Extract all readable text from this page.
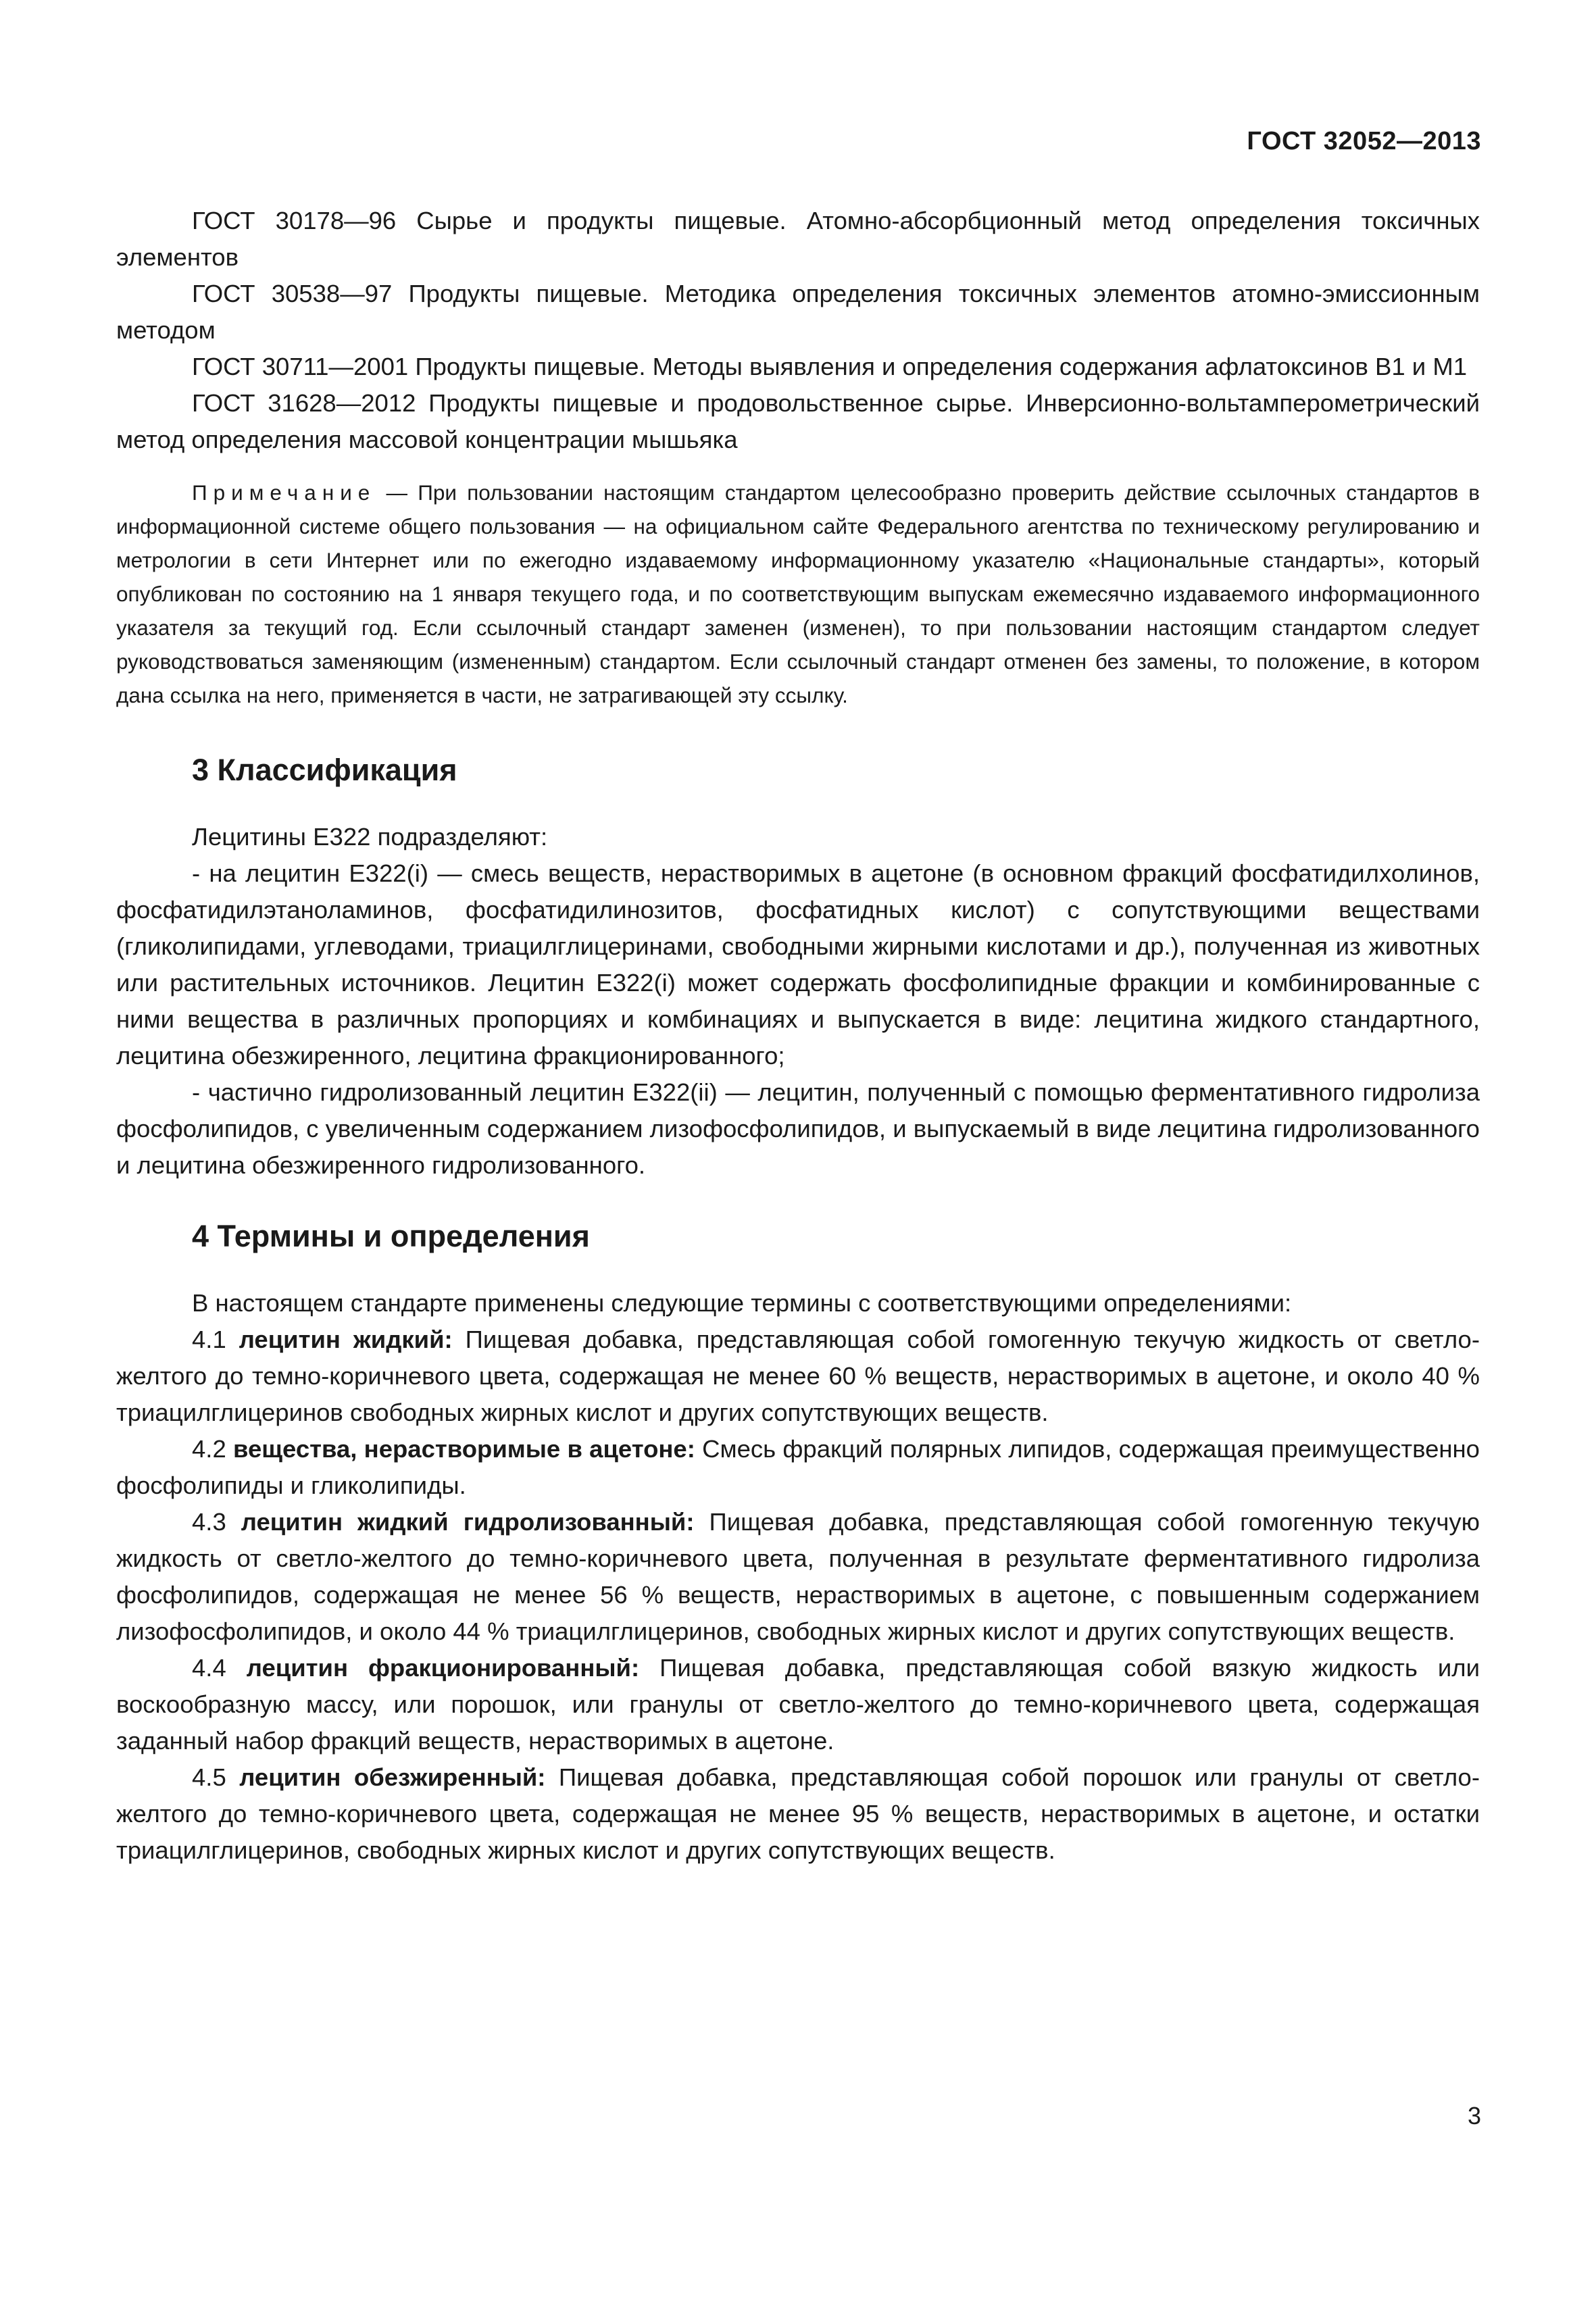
ГОСТ 32052—2013

ГОСТ 30178—96 Сырье и продукты пищевые. Атомно-абсорбционный метод определения токсичных элементов

ГОСТ 30538—97 Продукты пищевые. Методика определения токсичных элементов атомно-эмиссионным методом

ГОСТ 30711—2001 Продукты пищевые. Методы выявления и определения содержания афлатоксинов В1 и М1

ГОСТ 31628—2012 Продукты пищевые и продовольственное сырье. Инверсионно-вольтамперометрический метод определения массовой концентрации мышьяка

Примечание — При пользовании настоящим стандартом целесообразно проверить действие ссылочных стандартов в информационной системе общего пользования — на официальном сайте Федерального агентства по техническому регулированию и метрологии в сети Интернет или по ежегодно издаваемому информационному указателю «Национальные стандарты», который опубликован по состоянию на 1 января текущего года, и по соответствующим выпускам ежемесячно издаваемого информационного указателя за текущий год. Если ссылочный стандарт заменен (изменен), то при пользовании настоящим стандартом следует руководствоваться заменяющим (измененным) стандартом. Если ссылочный стандарт отменен без замены, то положение, в котором дана ссылка на него, применяется в части, не затрагивающей эту ссылку.

3 Классификация

Лецитины Е322 подразделяют:

- на лецитин Е322(i) — смесь веществ, нерастворимых в ацетоне (в основном фракций фосфатидилхолинов, фосфатидилэтаноламинов, фосфатидилинозитов, фосфатидных кислот) с сопутствующими веществами (гликолипидами, углеводами, триацилглицеринами, свободными жирными кислотами и др.), полученная из животных или растительных источников. Лецитин Е322(i) может содержать фосфолипидные фракции и комбинированные с ними вещества в различных пропорциях и комбинациях и выпускается в виде: лецитина жидкого стандартного, лецитина обезжиренного, лецитина фракционированного;

- частично гидролизованный лецитин Е322(ii) — лецитин, полученный с помощью ферментативного гидролиза фосфолипидов, с увеличенным содержанием лизофосфолипидов, и выпускаемый в виде лецитина гидролизованного и лецитина обезжиренного гидролизованного.

4 Термины и определения

В настоящем стандарте применены следующие термины с соответствующими определениями:

4.1 лецитин жидкий: Пищевая добавка, представляющая собой гомогенную текучую жидкость от светло-желтого до темно-коричневого цвета, содержащая не менее 60 % веществ, нерастворимых в ацетоне, и около 40 % триацилглицеринов свободных жирных кислот и других сопутствующих веществ.

4.2 вещества, нерастворимые в ацетоне: Смесь фракций полярных липидов, содержащая преимущественно фосфолипиды и гликолипиды.

4.3 лецитин жидкий гидролизованный: Пищевая добавка, представляющая собой гомогенную текучую жидкость от светло-желтого до темно-коричневого цвета, полученная в результате ферментативного гидролиза фосфолипидов, содержащая не менее 56 % веществ, нерастворимых в ацетоне, с повышенным содержанием лизофосфолипидов, и около 44 % триацилглицеринов, свободных жирных кислот и других сопутствующих веществ.

4.4 лецитин фракционированный: Пищевая добавка, представляющая собой вязкую жидкость или воскообразную массу, или порошок, или гранулы от светло-желтого до темно-коричневого цвета, содержащая заданный набор фракций веществ, нерастворимых в ацетоне.

4.5 лецитин обезжиренный: Пищевая добавка, представляющая собой порошок или гранулы от светло-желтого до темно-коричневого цвета, содержащая не менее 95 % веществ, нерастворимых в ацетоне, и остатки триацилглицеринов, свободных жирных кислот и других сопутствующих веществ.

3
